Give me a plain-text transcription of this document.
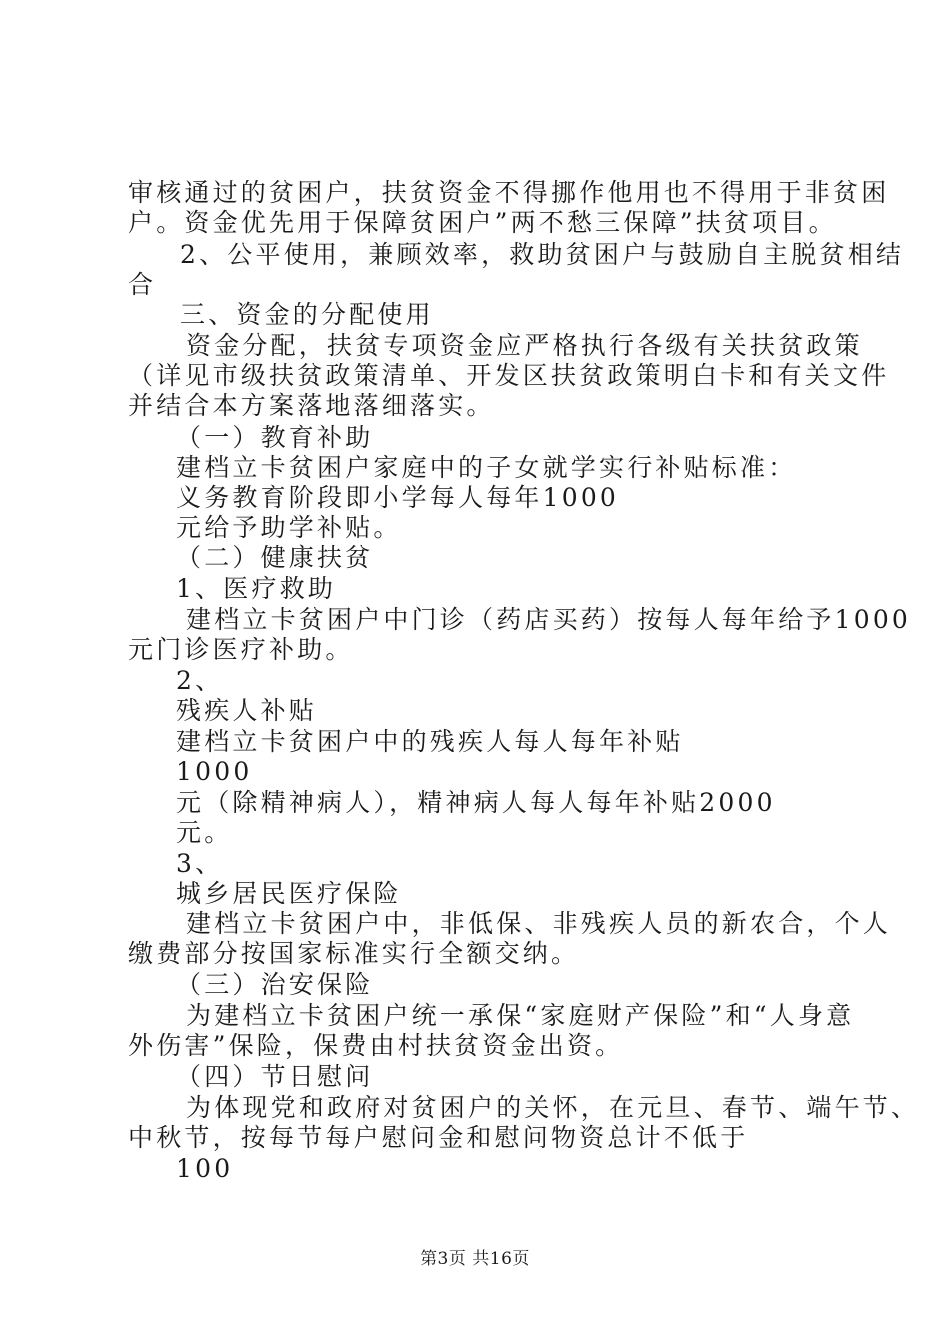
审核通过的贫困户，扶贫资金不得挪作他用也不得用于非贫困
户。资金优先用于保障贫困户”两不愁三保障”扶贫项目。
2、公平使用，兼顾效率，救助贫困户与鼓励自主脱贫相结
合
三、资金的分配使用
资金分配，扶贫专项资金应严格执行各级有关扶贫政策
（详见市级扶贫政策清单、开发区扶贫政策明白卡和有关文件
并结合本方案落地落细落实。
（一）教育补助
建档立卡贫困户家庭中的子女就学实行补贴标准：
义务教育阶段即小学每人每年1000
元给予助学补贴。
（二）健康扶贫
1、医疗救助
建档立卡贫困户中门诊（药店买药）按每人每年给予1000
元门诊医疗补助。
2、
残疾人补贴
建档立卡贫困户中的残疾人每人每年补贴
1000
元（除精神病人），精神病人每人每年补贴2000
元。
3、
城乡居民医疗保险
建档立卡贫困户中，非低保、非残疾人员的新农合，个人
缴费部分按国家标准实行全额交纳。
（三）治安保险
为建档立卡贫困户统一承保“家庭财产保险”和“人身意
外伤害”保险，保费由村扶贫资金出资。
（四）节日慰问
为体现党和政府对贫困户的关怀，在元旦、春节、端午节、
中秋节，按每节每户慰问金和慰问物资总计不低于
100
第3页 共16页
